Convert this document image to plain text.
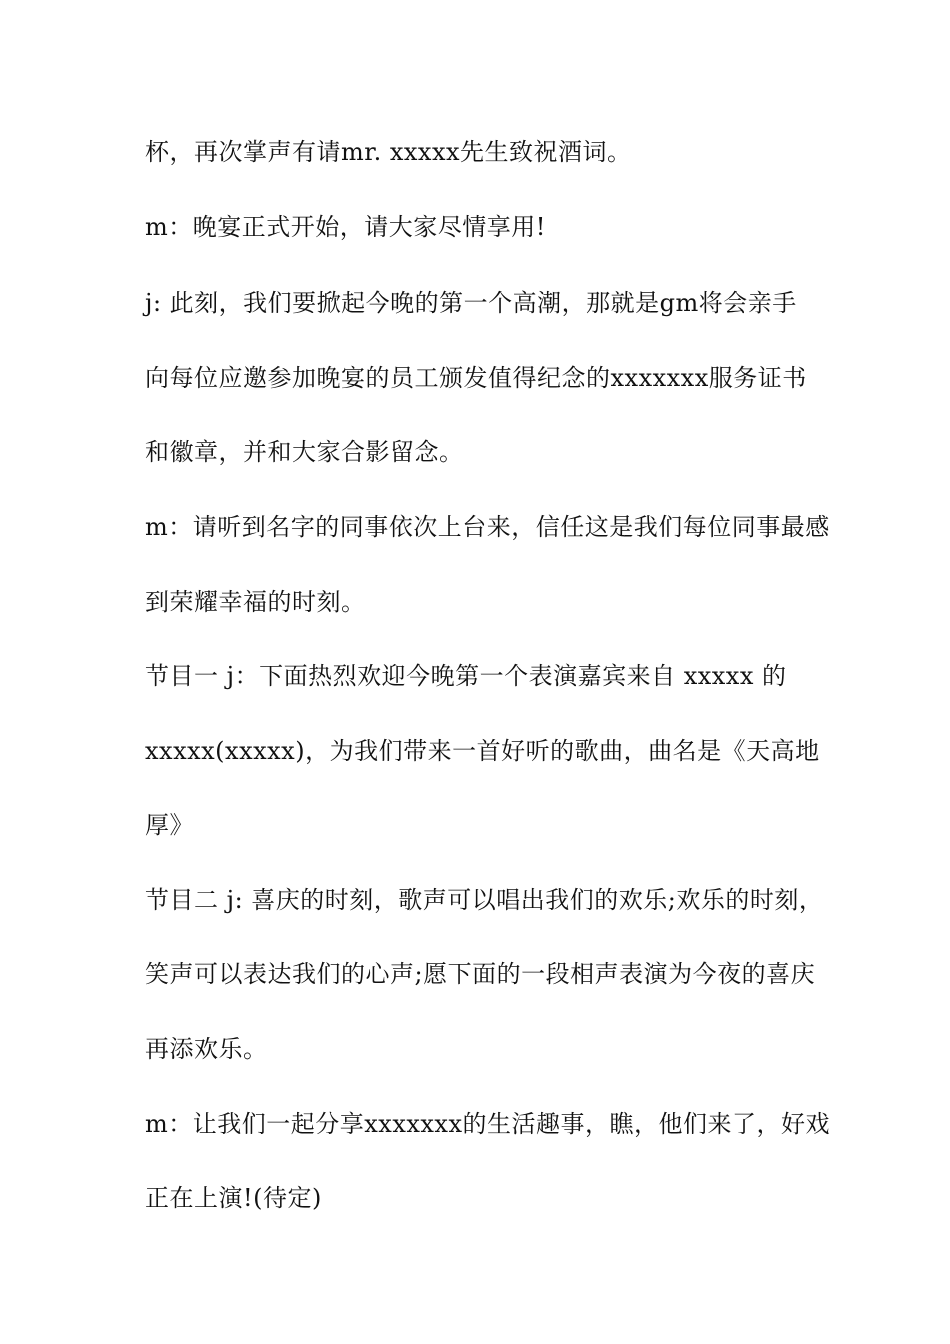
杯，再次掌声有请mr. xxxxx先生致祝酒词。
m：晚宴正式开始，请大家尽情享用!
j: 此刻，我们要掀起今晚的第一个高潮，那就是gm将会亲手
向每位应邀参加晚宴的员工颁发值得纪念的xxxxxxx服务证书
和徽章，并和大家合影留念。
m：请听到名字的同事依次上台来，信任这是我们每位同事最感
到荣耀幸福的时刻。
节目一 j：下面热烈欢迎今晚第一个表演嘉宾来自 xxxxx 的
xxxxx(xxxxx)，为我们带来一首好听的歌曲，曲名是《天高地
厚》
节目二 j: 喜庆的时刻，歌声可以唱出我们的欢乐;欢乐的时刻，
笑声可以表达我们的心声;愿下面的一段相声表演为今夜的喜庆
再添欢乐。
m：让我们一起分享xxxxxxx的生活趣事，瞧，他们来了，好戏
正在上演!(待定)
